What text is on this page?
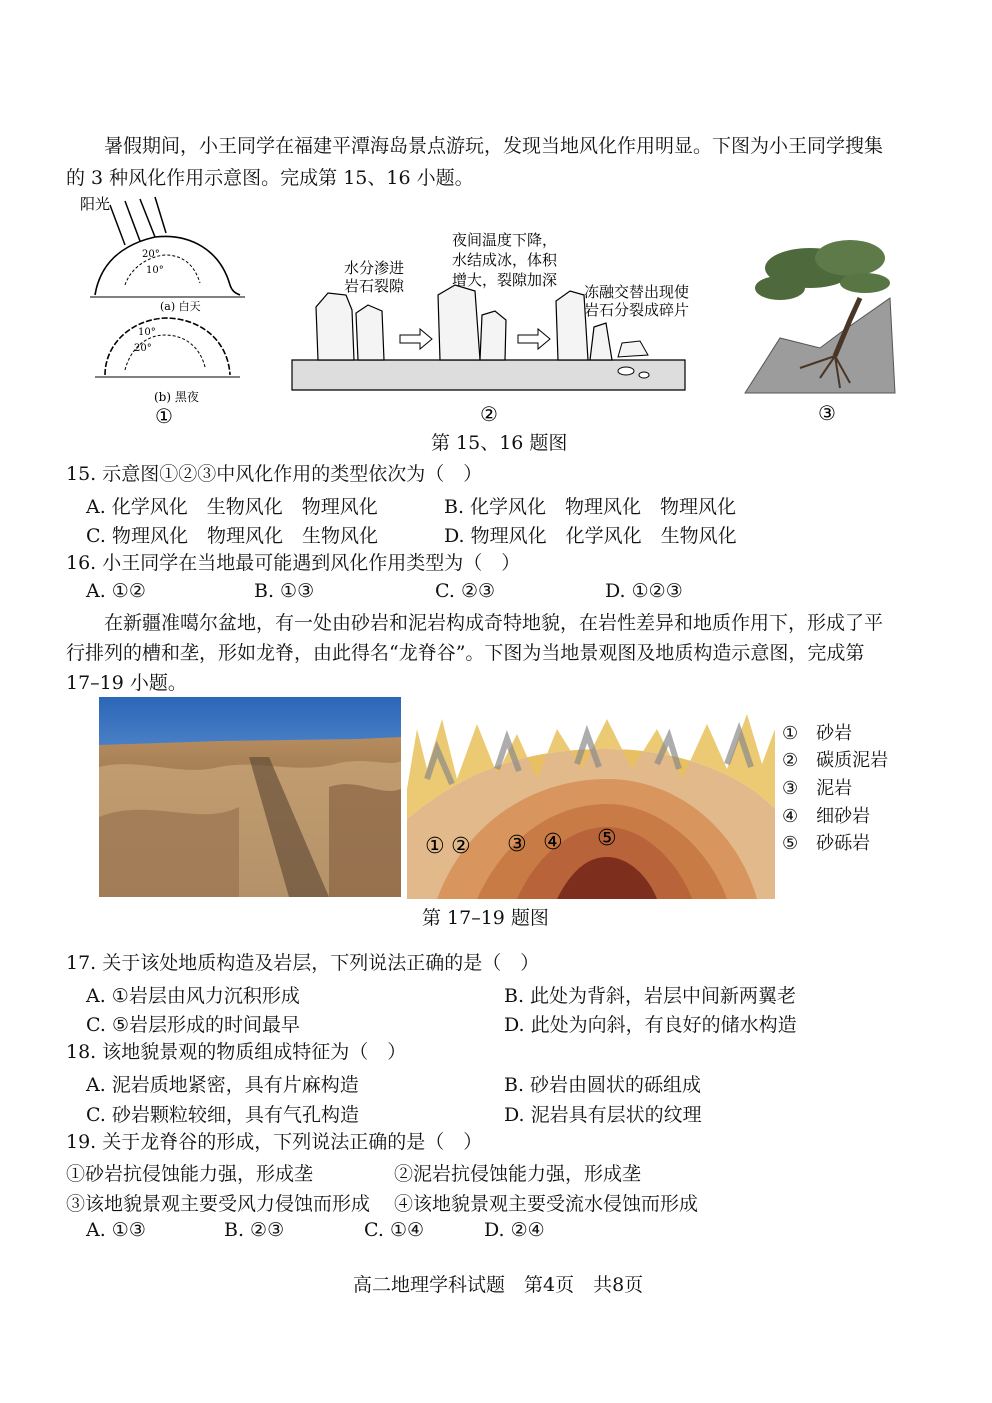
暑假期间，小王同学在福建平潭海岛景点游玩，发现当地风化作用明显。下图为小王同学搜集
的 3 种风化作用示意图。完成第 15、16 小题。
阳光
20°
10°
(a) 白天
10°
20°
(b) 黑夜
①
水分渗进
岩石裂隙
夜间温度下降，
水结成冰，体积
增大，裂隙加深
冻融交替出现使
岩石分裂成碎片
②	③
第 15、16 题图
15. 示意图①②③中风化作用的类型依次为（　）
A. 化学风化　生物风化　物理风化	B. 化学风化　物理风化　物理风化
C. 物理风化　物理风化　生物风化	D. 物理风化　化学风化　生物风化
16. 小王同学在当地最可能遇到风化作用类型为（　）
A. ①②	B. ①③	C. ②③	D. ①②③
在新疆准噶尔盆地，有一处由砂岩和泥岩构成奇特地貌，在岩性差异和地质作用下，形成了平
行排列的槽和垄，形如龙脊，由此得名“龙脊谷”。下图为当地景观图及地质构造示意图，完成第
17–19 小题。
① ② ③ ④ ⑤
①　砂岩
②　碳质泥岩
③　泥岩
④　细砂岩
⑤　砂砾岩
第 17–19 题图
17. 关于该处地质构造及岩层，下列说法正确的是（　）
A. ①岩层由风力沉积形成	B. 此处为背斜，岩层中间新两翼老
C. ⑤岩层形成的时间最早	D. 此处为向斜，有良好的储水构造
18. 该地貌景观的物质组成特征为（　）
A. 泥岩质地紧密，具有片麻构造	B. 砂岩由圆状的砾组成
C. 砂岩颗粒较细，具有气孔构造	D. 泥岩具有层状的纹理
19. 关于龙脊谷的形成，下列说法正确的是（　）
①砂岩抗侵蚀能力强，形成垄	②泥岩抗侵蚀能力强，形成垄
③该地貌景观主要受风力侵蚀而形成 ④该地貌景观主要受流水侵蚀而形成
A. ①③	B. ②③	C. ①④	D. ②④
高二地理学科试题　第4页　共8页
